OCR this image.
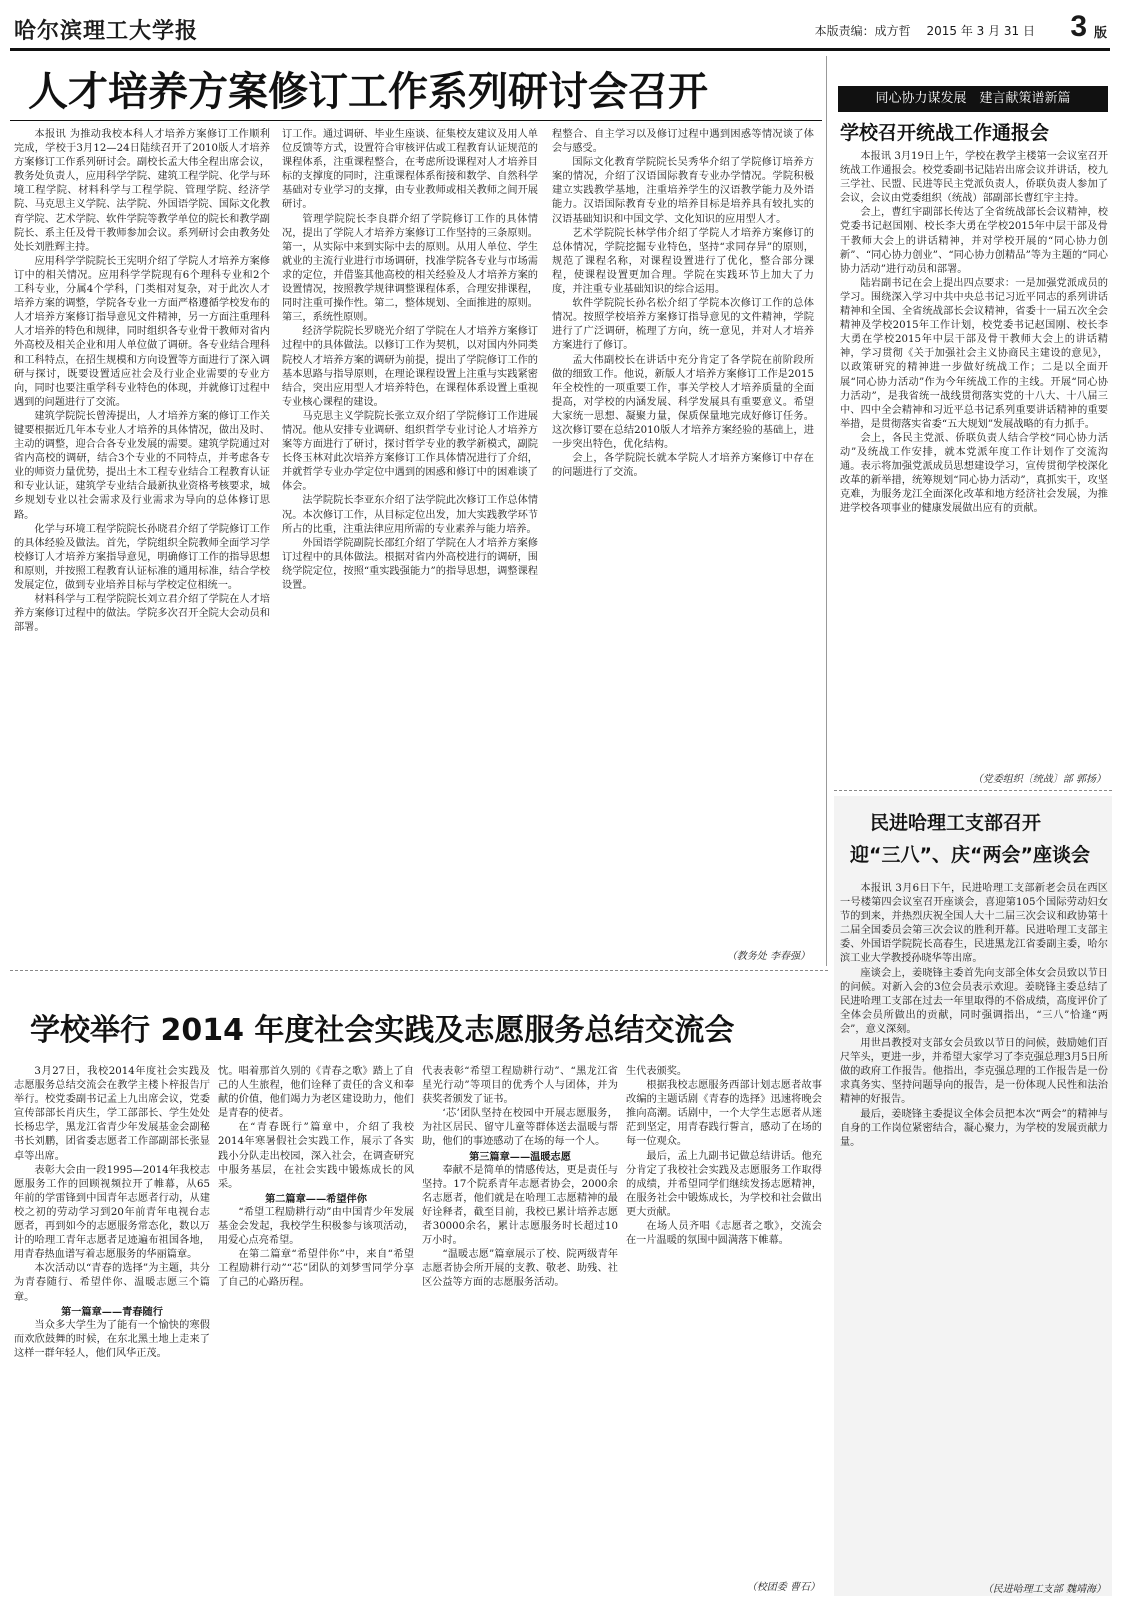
哈尔滨理工大学报	本版责编：成方哲 2015 年 3 月 31 日	3 版
人才培养方案修订工作系列研讨会召开

本报讯 为推动我校本科人才培养方案修订工作顺利完成，学校于3月12—24日陆续召开了2010版人才培养方案修订工作系列研讨会。副校长孟大伟全程出席会议，教务处负责人，应用科学学院、建筑工程学院、化学与环境工程学院、材料科学与工程学院、管理学院、经济学院、马克思主义学院、法学院、外国语学院、国际文化教育学院、艺术学院、软件学院等教学单位的院长和教学副院长、系主任及骨干教师参加会议。系列研讨会由教务处处长刘胜辉主持。

应用科学学院院长王宪明介绍了学院人才培养方案修订中的相关情况。应用科学学院现有6个理科专业和2个工科专业，分属4个学科，门类相对复杂，对于此次人才培养方案的调整，学院各专业一方面严格遵循学校发布的人才培养方案修订指导意见文件精神，另一方面注重理科人才培养的特色和规律，同时组织各专业骨干教师对省内外高校及相关企业和用人单位做了调研。各专业结合理科和工科特点，在招生规模和方向设置等方面进行了深入调研与探讨，既要设置适应社会及行业企业需要的专业方向，同时也要注重学科专业特色的体现，并就修订过程中遇到的问题进行了交流。

建筑学院院长曾涛提出，人才培养方案的修订工作关键要根据近几年本专业人才培养的具体情况，做出及时、主动的调整，迎合合各专业发展的需要。建筑学院通过对省内高校的调研，结合3个专业的不同特点，并考虑各专业的师资力量优势，提出土木工程专业结合工程教育认证和专业认证，建筑学专业结合最新执业资格考核要求，城乡规划专业以社会需求及行业需求为导向的总体修订思路。

化学与环境工程学院院长孙晓君介绍了学院修订工作的具体经验及做法。首先，学院组织全院教师全面学习学校修订人才培养方案指导意见，明确修订工作的指导思想和原则，并按照工程教育认证标准的通用标准，结合学校发展定位，做到专业培养目标与学校定位相统一。

材料科学与工程学院院长刘立君介绍了学院在人才培养方案修订过程中的做法。学院多次召开全院大会动员和部署。

订工作。通过调研、毕业生座谈、征集校友建议及用人单位反馈等方式，设置符合审核评估或工程教育认证规范的课程体系，注重课程整合，在考虑所设课程对人才培养目标的支撑度的同时，注重课程体系衔接和数学、自然科学基础对专业学习的支撑，由专业教师或相关教师之间开展研讨。

管理学院院长李良群介绍了学院修订工作的具体情况，提出了学院人才培养方案修订工作坚持的三条原则。第一，从实际中来到实际中去的原则。从用人单位、学生就业的主流行业进行市场调研，找准学院各专业与市场需求的定位，并借鉴其他高校的相关经验及人才培养方案的设置情况，按照教学规律调整课程体系，合理安排课程，同时注重可操作性。第二，整体规划、全面推进的原则。第三，系统性原则。

经济学院院长罗晓光介绍了学院在人才培养方案修订过程中的具体做法。以修订工作为契机，以对国内外同类院校人才培养方案的调研为前提，提出了学院修订工作的基本思路与指导原则，在理论课程设置上注重与实践紧密结合，突出应用型人才培养特色，在课程体系设置上重视专业核心课程的建设。

马克思主义学院院长张立双介绍了学院修订工作进展情况。他从安排专业调研、组织哲学专业讨论人才培养方案等方面进行了研讨，探讨哲学专业的教学新模式，副院长佟玉林对此次培养方案修订工作具体情况进行了介绍，并就哲学专业办学定位中遇到的困惑和修订中的困难谈了体会。

法学院院长李亚东介绍了法学院此次修订工作总体情况。本次修订工作，从目标定位出发，加大实践教学环节所占的比重，注重法律应用所需的专业素养与能力培养。

外国语学院副院长邵红介绍了学院在人才培养方案修订过程中的具体做法。根据对省内外高校进行的调研，围绕学院定位，按照“重实践强能力”的指导思想，调整课程设置。

程整合、自主学习以及修订过程中遇到困惑等情况谈了体会与感受。

国际文化教育学院院长吴秀华介绍了学院修订培养方案的情况，介绍了汉语国际教育专业办学情况。学院积极建立实践教学基地，注重培养学生的汉语教学能力及外语能力。汉语国际教育专业的培养目标是培养具有较扎实的汉语基础知识和中国文学、文化知识的应用型人才。

艺术学院院长林学伟介绍了学院人才培养方案修订的总体情况，学院挖掘专业特色，坚持“求同存异”的原则，规范了课程名称，对课程设置进行了优化，整合部分课程，使课程设置更加合理。学院在实践环节上加大了力度，并注重专业基础知识的综合运用。

软件学院院长孙名松介绍了学院本次修订工作的总体情况。按照学校培养方案修订指导意见的文件精神，学院进行了广泛调研，梳理了方向，统一意见，并对人才培养方案进行了修订。

孟大伟副校长在讲话中充分肯定了各学院在前阶段所做的细致工作。他说，新版人才培养方案修订工作是2015年全校性的一项重要工作，事关学校人才培养质量的全面提高，对学校的内涵发展、科学发展具有重要意义。希望大家统一思想、凝聚力量，保质保量地完成好修订任务。这次修订要在总结2010版人才培养方案经验的基础上，进一步突出特色，优化结构。

会上，各学院院长就本学院人才培养方案修订中存在的问题进行了交流。

（教务处 李春强）
同心协力谋发展　建言献策谱新篇
学校召开统战工作通报会

本报讯 3月19日上午，学校在教学主楼第一会议室召开统战工作通报会。校党委副书记陆岩出席会议并讲话，校九三学社、民盟、民进等民主党派负责人，侨联负责人参加了会议，会议由党委组织（统战）部副部长曹红宇主持。

会上，曹红宇副部长传达了全省统战部长会议精神，校党委书记赵国刚、校长李大勇在学校2015年中层干部及骨干教师大会上的讲话精神，并对学校开展的“同心协力创新”、“同心协力创业”、“同心协力创精品”等为主题的“同心协力活动”进行动员和部署。

陆岩副书记在会上提出四点要求：一是加强党派成员的学习。围绕深入学习中共中央总书记习近平同志的系列讲话精神和全国、全省统战部长会议精神，省委十一届五次全会精神及学校2015年工作计划，校党委书记赵国刚、校长李大勇在学校2015年中层干部及骨干教师大会上的讲话精神，学习贯彻《关于加强社会主义协商民主建设的意见》，以政策研究的精神进一步做好统战工作；二是以全面开展“同心协力活动”作为今年统战工作的主线。开展“同心协力活动”，是我省统一战线贯彻落实党的十八大、十八届三中、四中全会精神和习近平总书记系列重要讲话精神的重要举措，是贯彻落实省委“五大规划”发展战略的有力抓手。

会上，各民主党派、侨联负责人结合学校“同心协力活动”及统战工作安排，就本党派年度工作计划作了交流沟通。表示将加强党派成员思想建设学习，宣传贯彻学校深化改革的新举措，统筹规划“同心协力活动”，真抓实干，攻坚克难，为服务龙江全面深化改革和地方经济社会发展，为推进学校各项事业的健康发展做出应有的贡献。

（党委组织〔统战〕部 郭扬）
民进哈理工支部召开
迎“三八”、庆“两会”座谈会

本报讯 3月6日下午，民进哈理工支部新老会员在西区一号楼第四会议室召开座谈会，喜迎第105个国际劳动妇女节的到来，并热烈庆祝全国人大十二届三次会议和政协第十二届全国委员会第三次会议的胜利开幕。民进哈理工支部主委、外国语学院院长高春生，民进黑龙江省委副主委，哈尔滨工业大学教授孙晓华等出席。

座谈会上，姜晓锋主委首先向支部全体女会员致以节日的问候。对新入会的3位会员表示欢迎。姜晓锋主委总结了民进哈理工支部在过去一年里取得的不俗成绩，高度评价了全体会员所做出的贡献，同时强调指出，“三八”恰逢“两会”，意义深刻。

用世昌教授对支部女会员致以节日的问候，鼓励她们百尺竿头，更进一步，并希望大家学习了李克强总理3月5日所做的政府工作报告。他指出，李克强总理的工作报告是一份求真务实、坚持问题导向的报告，是一份体现人民性和法治精神的好报告。

最后，姜晓锋主委提议全体会员把本次“两会”的精神与自身的工作岗位紧密结合，凝心聚力，为学校的发展贡献力量。

（民进哈理工支部 魏靖海）
学校举行 2014 年度社会实践及志愿服务总结交流会

3月27日，我校2014年度社会实践及志愿服务总结交流会在教学主楼卜梓报告厅举行。校党委副书记孟上九出席会议，党委宣传部部长肖庆生，学工部部长、学生处处长杨忠学，黑龙江省青少年发展基金会副秘书长刘鹏，团省委志愿者工作部副部长张显卓等出席。

表彰大会由一段1995—2014年我校志愿服务工作的回顾视频拉开了帷幕，从65年前的学雷锋到中国青年志愿者行动，从建校之初的劳动学习到20年前青年电视台志愿者，再到如今的志愿服务常态化，数以万计的哈理工青年志愿者足迹遍布祖国各地，用青春热血谱写着志愿服务的华丽篇章。

本次活动以“青春的选择”为主题，共分为青春随行、希望伴你、温暖志愿三个篇章。

第一篇章——青春随行

当众多大学生为了能有一个愉快的寒假而欢欣鼓舞的时候，在东北黑土地上走来了这样一群年轻人，他们风华正茂。

忱。唱着那首久别的《青春之歌》踏上了自己的人生旅程，他们诠释了责任的含义和奉献的价值，他们竭力为老区建设助力，他们是青春的使者。

在“青春既行”篇章中，介绍了我校2014年寒暑假社会实践工作，展示了各实践小分队走出校园，深入社会，在调查研究中服务基层，在社会实践中锻炼成长的风采。

第二篇章——希望伴你

“希望工程励耕行动”由中国青少年发展基金会发起，我校学生积极参与该项活动，用爱心点亮希望。

在第二篇章“希望伴你”中，来自“希望工程励耕行动”“芯”团队的刘梦雪同学分享了自己的心路历程。

代表表彰“希望工程励耕行动”、“黑龙江省星光行动”等项目的优秀个人与团体，并为获奖者颁发了证书。

‘芯’团队坚持在校园中开展志愿服务，为社区居民、留守儿童等群体送去温暖与帮助，他们的事迹感动了在场的每一个人。

第三篇章——温暖志愿

奉献不是简单的情感传达，更是责任与坚持。17个院系青年志愿者协会，2000余名志愿者，他们就是在哈理工志愿精神的最好诠释者，截至目前，我校已累计培养志愿者30000余名，累计志愿服务时长超过10万小时。

“温暖志愿”篇章展示了校、院两级青年志愿者协会所开展的支教、敬老、助残、社区公益等方面的志愿服务活动。

生代表颁奖。

根据我校志愿服务西部计划志愿者故事改编的主题话剧《青春的选择》迅速将晚会推向高潮。话剧中，一个大学生志愿者从迷茫到坚定，用青春践行誓言，感动了在场的每一位观众。

最后，孟上九副书记做总结讲话。他充分肯定了我校社会实践及志愿服务工作取得的成绩，并希望同学们继续发扬志愿精神，在服务社会中锻炼成长，为学校和社会做出更大贡献。

在场人员齐唱《志愿者之歌》，交流会在一片温暖的氛围中圆满落下帷幕。

（校团委 曹石）
